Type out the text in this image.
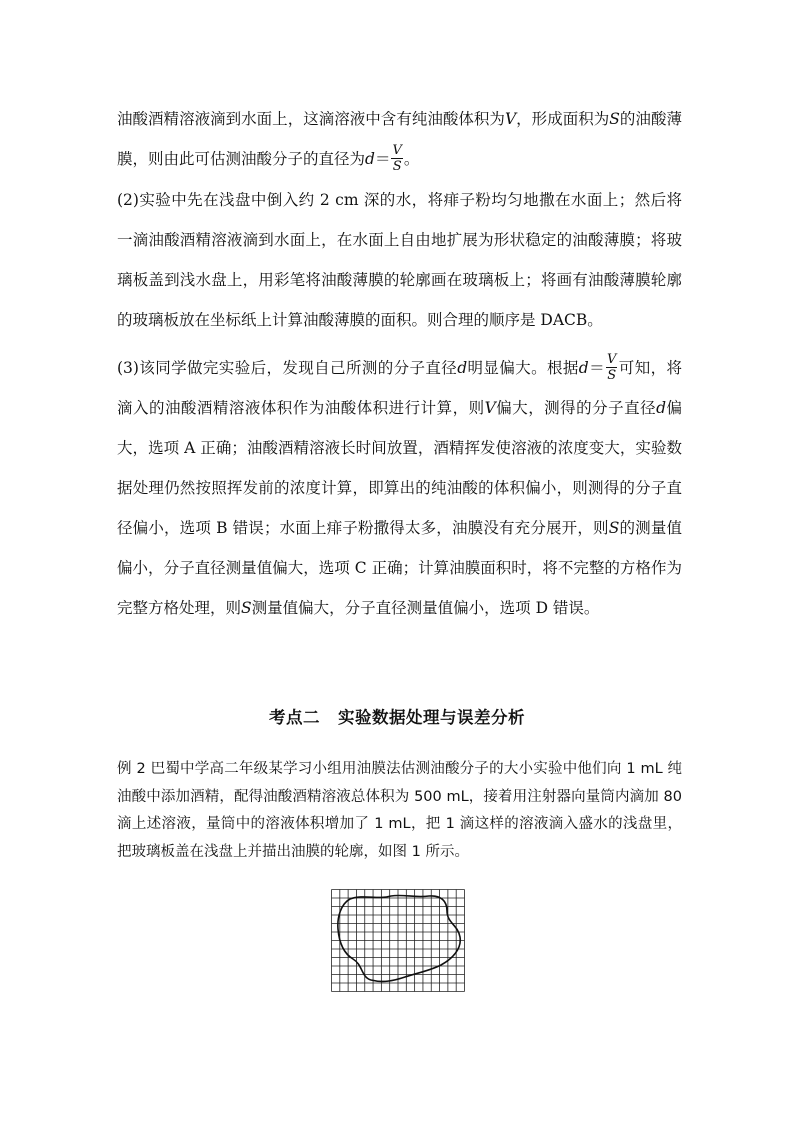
油酸酒精溶液滴到水面上，这滴溶液中含有纯油酸体积为V，形成面积为S的油酸薄膜，则由此可估测油酸分子的直径为$d= \frac{V}{S}$ 。
(2)实验中先在浅盘中倒入约 2 cm 深的水，将痱子粉均匀地撒在水面上；然后将一滴油酸酒精溶液滴到水面上，在水面上自由地扩展为形状稳定的油酸薄膜；将玻璃板盖到浅水盘上，用彩笔将油酸薄膜的轮廓画在玻璃板上；将画有油酸薄膜轮廓的玻璃板放在坐标纸上计算油酸薄膜的面积。则合理的顺序是 DACB。
(3)该同学做完实验后，发现自己所测的分子直径d明显偏大。根据$d= \frac{V}{S}$ 可知，将滴入的油酸酒精溶液体积作为油酸体积进行计算，则V偏大，测得的分子直径d偏大，选项 A 正确；油酸酒精溶液长时间放置，酒精挥发使溶液的浓度变大，实验数据处理仍然按照挥发前的浓度计算，即算出的纯油酸的体积偏小，则测得的分子直径偏小，选项 B 错误；水面上痱子粉撒得太多，油膜没有充分展开，则S的测量值偏小，分子直径测量值偏大，选项 C 正确；计算油膜面积时，将不完整的方格作为完整方格处理，则S测量值偏大，分子直径测量值偏小，选项 D 错误。
考点二 实验数据处理与误差分析
例 2 巴蜀中学高二年级某学习小组用油膜法估测油酸分子的大小实验中他们向 1 mL 纯油酸中添加酒精，配得油酸酒精溶液总体积为 500 mL，接着用注射器向量筒内滴加 80 滴上述溶液，量筒中的溶液体积增加了 1 mL，把 1 滴这样的溶液滴入盛水的浅盘里，把玻璃板盖在浅盘上并描出油膜的轮廓，如图 1 所示。
